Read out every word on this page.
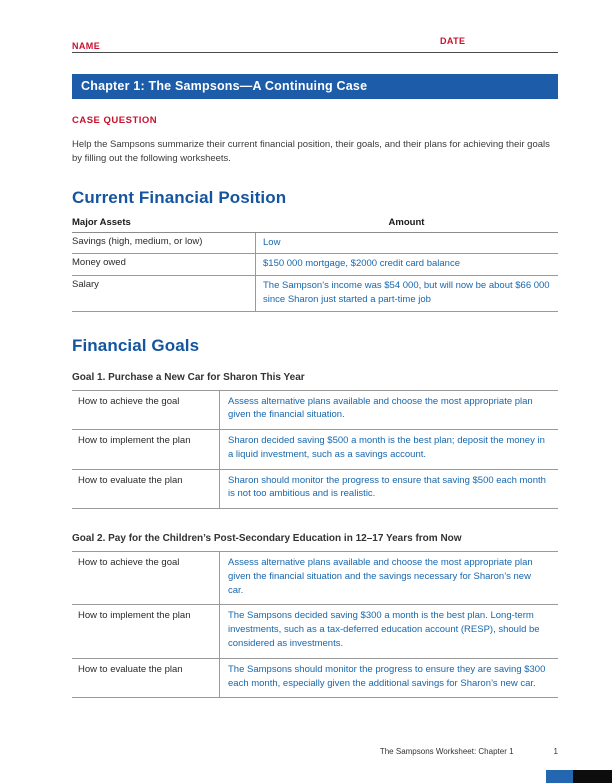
NAME	DATE
Chapter 1: The Sampsons—A Continuing Case
CASE QUESTION

Help the Sampsons summarize their current financial position, their goals, and their plans for achieving their goals by filling out the following worksheets.

Current Financial Position
Major Assets	Amount
Savings (high, medium, or low)	Low
Money owed	$150 000 mortgage, $2000 credit card balance
Salary	The Sampson’s income was $54 000, but will now be about $66 000 since Sharon just started a part-time job
Financial Goals
Goal 1. Purchase a New Car for Sharon This Year
How to achieve the goal	Assess alternative plans available and choose the most appropriate plan given the financial situation.
How to implement the plan	Sharon decided saving $500 a month is the best plan; deposit the money in a liquid investment, such as a savings account.
How to evaluate the plan	Sharon should monitor the progress to ensure that saving $500 each month is not too ambitious and is realistic.
Goal 2. Pay for the Children’s Post-Secondary Education in 12–17 Years from Now
How to achieve the goal	Assess alternative plans available and choose the most appropriate plan given the financial situation and the savings necessary for Sharon’s new car.
How to implement the plan	The Sampsons decided saving $300 a month is the best plan. Long-term investments, such as a tax-deferred education account (RESP), should be considered as investments.
How to evaluate the plan	The Sampsons should monitor the progress to ensure they are saving $300 each month, especially given the additional savings for Sharon’s new car.
The Sampsons Worksheet: Chapter 1	1
